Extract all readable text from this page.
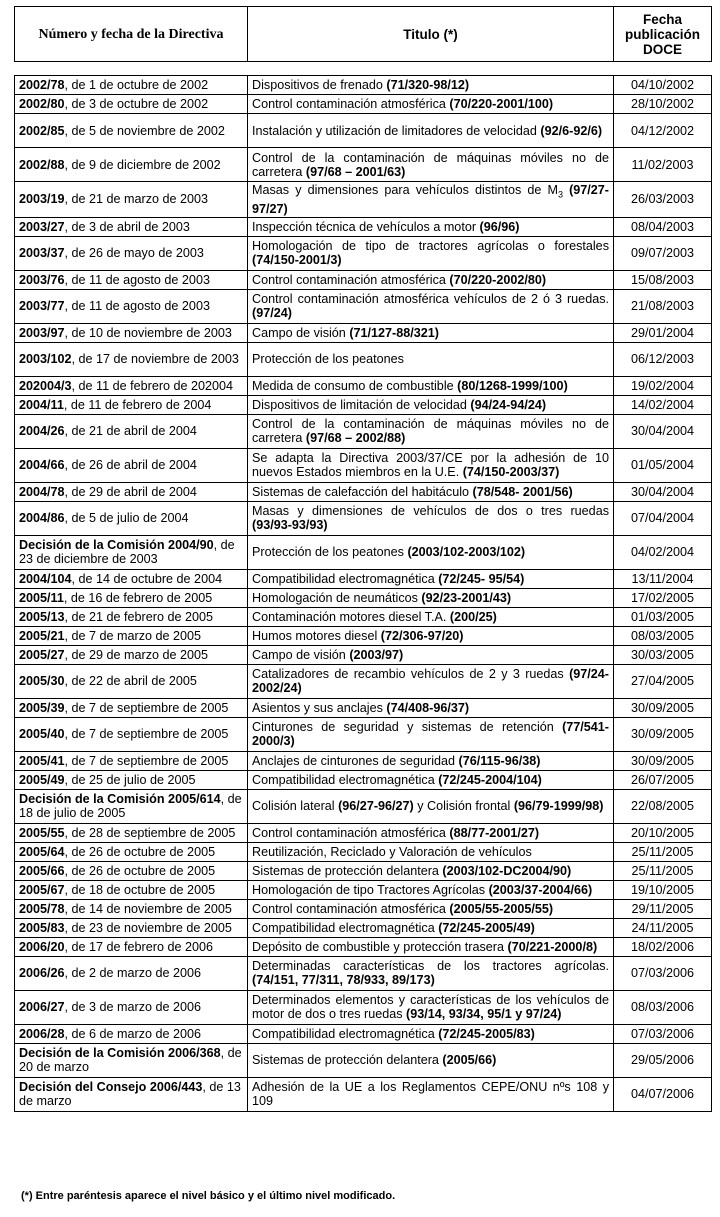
Número y fecha de la Directiva	Titulo (*)	Fecha
publicación
DOCE
2002/78, de 1 de octubre de 2002	Dispositivos de frenado (71/320-98/12)	04/10/2002
2002/80, de 3 de octubre de 2002	Control contaminación atmosférica (70/220-2001/100)	28/10/2002
2002/85, de 5 de noviembre de 2002	Instalación y utilización de limitadores de velocidad (92/6-92/6)	04/12/2002
2002/88, de 9 de diciembre de 2002	Control de la contaminación de máquinas móviles no de carretera (97/68 – 2001/63)	11/02/2003
2003/19, de 21 de marzo de 2003	Masas y dimensiones para vehículos distintos de $M_3$ (97/27-97/27)	26/03/2003
2003/27, de 3 de abril de 2003	Inspección técnica de vehículos a motor (96/96)	08/04/2003
2003/37, de 26 de mayo de 2003	Homologación de tipo de tractores agrícolas o forestales (74/150-2001/3)	09/07/2003
2003/76, de 11 de agosto de 2003	Control contaminación atmosférica (70/220-2002/80)	15/08/2003
2003/77, de 11 de agosto de 2003	Control contaminación atmosférica vehículos de 2 ó 3 ruedas. (97/24)	21/08/2003
2003/97, de 10 de noviembre de 2003	Campo de visión (71/127-88/321)	29/01/2004
2003/102, de 17 de noviembre de 2003	Protección de los peatones	06/12/2003
202004/3, de 11 de febrero de 202004	Medida de consumo de combustible (80/1268-1999/100)	19/02/2004
2004/11, de 11 de febrero de 2004	Dispositivos de limitación de velocidad (94/24-94/24)	14/02/2004
2004/26, de 21 de abril de 2004	Control de la contaminación de máquinas móviles no de carretera (97/68 – 2002/88)	30/04/2004
2004/66, de 26 de abril de 2004	Se adapta la Directiva 2003/37/CE por la adhesión de 10 nuevos Estados miembros en la U.E. (74/150-2003/37)	01/05/2004
2004/78, de 29 de abril de 2004	Sistemas de calefacción del habitáculo (78/548- 2001/56)	30/04/2004
2004/86, de 5 de julio de 2004	Masas y dimensiones de vehículos de dos o tres ruedas (93/93-93/93)	07/04/2004
Decisión de la Comisión 2004/90, de 23 de diciembre de 2003	Protección de los peatones (2003/102-2003/102)	04/02/2004
2004/104, de 14 de octubre de 2004	Compatibilidad electromagnética (72/245- 95/54)	13/11/2004
2005/11, de 16 de febrero de 2005	Homologación de neumáticos (92/23-2001/43)	17/02/2005
2005/13, de 21 de febrero de 2005	Contaminación motores diesel T.A. (200/25)	01/03/2005
2005/21, de 7 de marzo de 2005	Humos motores diesel (72/306-97/20)	08/03/2005
2005/27, de 29 de marzo de 2005	Campo de visión (2003/97)	30/03/2005
2005/30, de 22 de abril de 2005	Catalizadores de recambio vehículos de 2 y 3 ruedas (97/24-2002/24)	27/04/2005
2005/39, de 7 de septiembre de 2005	Asientos y sus anclajes (74/408-96/37)	30/09/2005
2005/40, de 7 de septiembre de 2005	Cinturones de seguridad y sistemas de retención (77/541-2000/3)	30/09/2005
2005/41, de 7 de septiembre de 2005	Anclajes de cinturones de seguridad (76/115-96/38)	30/09/2005
2005/49, de 25 de julio de 2005	Compatibilidad electromagnética (72/245-2004/104)	26/07/2005
Decisión de la Comisión 2005/614, de 18 de julio de 2005	Colisión lateral (96/27-96/27) y Colisión frontal (96/79-1999/98)	22/08/2005
2005/55, de 28 de septiembre de 2005	Control contaminación atmosférica (88/77-2001/27)	20/10/2005
2005/64, de 26 de octubre de 2005	Reutilización, Reciclado y Valoración de vehículos	25/11/2005
2005/66, de 26 de octubre de 2005	Sistemas de protección delantera (2003/102-DC2004/90)	25/11/2005
2005/67, de 18 de octubre de 2005	Homologación de tipo Tractores Agrícolas (2003/37-2004/66)	19/10/2005
2005/78, de 14 de noviembre de 2005	Control contaminación atmosférica (2005/55-2005/55)	29/11/2005
2005/83, de 23 de noviembre de 2005	Compatibilidad electromagnética (72/245-2005/49)	24/11/2005
2006/20, de 17 de febrero de 2006	Depósito de combustible y protección trasera (70/221-2000/8)	18/02/2006
2006/26, de 2 de marzo de 2006	Determinadas características de los tractores agrícolas. (74/151, 77/311, 78/933, 89/173)	07/03/2006
2006/27, de 3 de marzo de 2006	Determinados elementos y características de los vehículos de motor de dos o tres ruedas (93/14, 93/34, 95/1 y 97/24)	08/03/2006
2006/28, de 6 de marzo de 2006	Compatibilidad electromagnética (72/245-2005/83)	07/03/2006
Decisión de la Comisión 2006/368, de 20 de marzo	Sistemas de protección delantera (2005/66)	29/05/2006
Decisión del Consejo 2006/443, de 13 de marzo	Adhesión de la UE a los Reglamentos CEPE/ONU nºs 108 y 109	04/07/2006
(*) Entre paréntesis aparece el nivel básico y el último nivel modificado.
